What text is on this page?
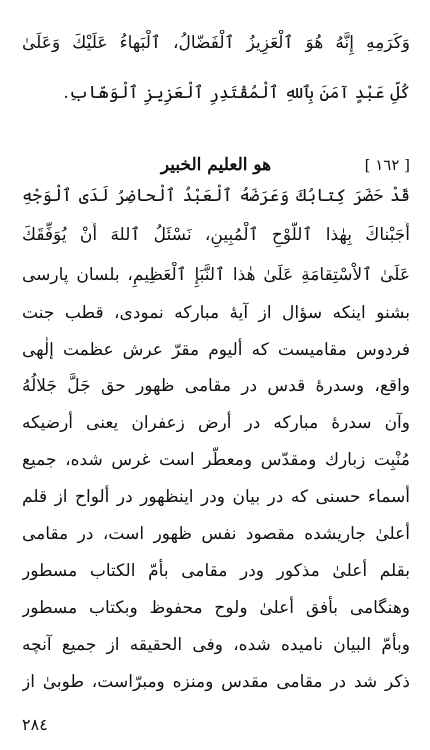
وَكَرَمِهِ إِنَّهُ هُوَ ٱلْعَزِيزُ ٱلْفَضّالُ، ٱلْبَهاءُ عَلَيْكَ وَعَلَىٰ
كُلِّ عَبْدٍ آمَنَ بِٱللهِ ٱلْمُقْتَدِرِ ٱلْعَزِيزِ ٱلْوَهّابِ.
[ ١٦٢ ]
هو العليم الخبير
قَدْ حَضَرَ كِتابُكَ وَعَرَضَهُ ٱلْعَبْدُ ٱلْحاضِرُ لَدَى ٱلْوَجْهِ
أَجَبْناكَ بِهٰذا ٱللَّوْحِ ٱلْمُبِينِ، نَسْئَلُ ٱللهَ أَنْ يُوَفِّقَكَ
عَلَىٰ ٱلاْسْتِقامَةِ عَلَىٰ هٰذا ٱلنَّبَإِ ٱلْعَظِيمِ، بلسان پارسی
بشنو اینکه سؤال از آيهٔ مباركه نمودی، قطب جنت
فردوس مقاميست كه أليوم مقرّ عرش عظمت إلٰهى
واقع، وسدرهٔ قدس در مقامى ظهور حق جَلَّ جَلالُهُ
وآن سدرهٔ مباركه در أرض زعفران يعنى أرضيكه
مُنْبِت زبارك ومقدّس ومعطّر است غرس شده، جميع
أسماء حسنى كه در بيان ودر اينظهور در ألواح از قلم
أعلىٰ جاريشده مقصود نفس ظهور است، در مقامى
بقلم أعلىٰ مذكور ودر مقامى بأمّ الكتاب مسطور
وهنگامى بأفق أعلىٰ ولوح محفوظ وبكتاب مسطور
وبأمّ البيان ناميده شده، وفى الحقيقه از جميع آنچه
ذكر شد در مقامى مقدس ومنزه ومبرّاست، طوبىٰ از
٢٨٤
